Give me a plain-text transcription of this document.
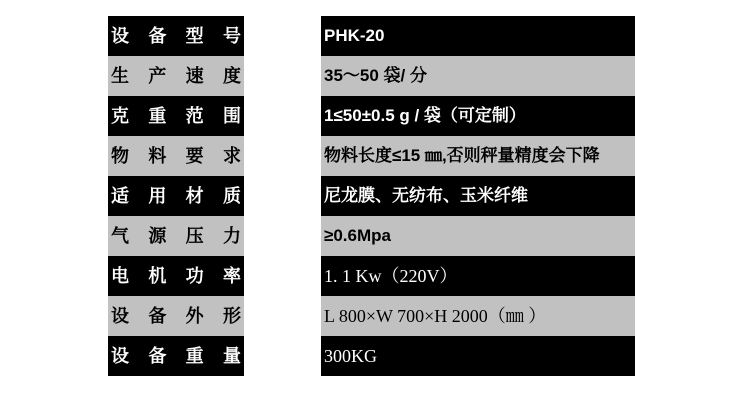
设 备 型 号	PHK-20
生 产 速 度	35～50 袋/ 分
克 重 范 围	1≤50±0.5 g / 袋（可定制）
物 料 要 求	物料长度≤15 ㎜,否则秤量精度会下降
适 用 材 质	尼龙膜、无纺布、玉米纤维
气 源 压 力	≥0.6Mpa
电 机 功 率	1. 1 Kw（220V）
设 备 外 形	L 800×W 700×H 2000（㎜ ）
设 备 重 量	300KG
